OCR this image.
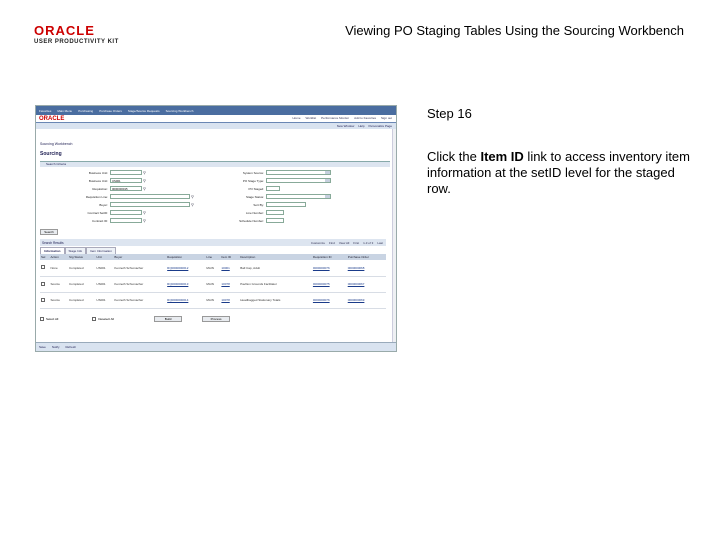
ORACLE
USER PRODUCTIVITY KIT
Viewing PO Staging Tables Using the Sourcing Workbench
Favorites Main Menu Purchasing Purchase Orders Stage/Source Requests Sourcing Workbench
ORACLE	Home Worklist Performance Monitor Add to Favorites Sign out
New Window Help Personalize Page
Sourcing Workbench
Sourcing
Search Criteria
Business Unit:	⚲
Business Unit:	US001	⚲
Requisition:	0000000015	⚲
Requisition Line:	⚲
Buyer:	⚲
Contract SetID:	⚲
Contract ID:	⚲
System Source:
PO Stage Type:
PO Staged:
Stage Status:
Sort By:
Line Number:
Schedule Number:
Search
Search Results	Customize Find View All First 1-3 of 3 Last
Information	Stage Info	Item Information
Sel	Action	Stg Status	Unit	Buyer	Requisition	Line	Item ID	Description	Requisition ID	Purchase Order
	None	Completed	US001	Kenneth Schumacher	RQ0000000012	MAIN	10001	Ball Cap, Adult	0000000076	0000000068
	Source	Completed	US001	Kenneth Schumacher	RQ0000000013	MAIN	10078	Pavilion Grounds Facilitator	0000000075	0000000067
	Source	Completed	US001	Kenneth Schumacher	RQ0000000014	MAIN	10078	Headbagged Stationary Totals	0000000076	0000000069
Select All	Deselect All	Build	Process
Save Notify Refresh
Step 16
Click the Item ID link to access inventory item information at the setID level for the staged row.
